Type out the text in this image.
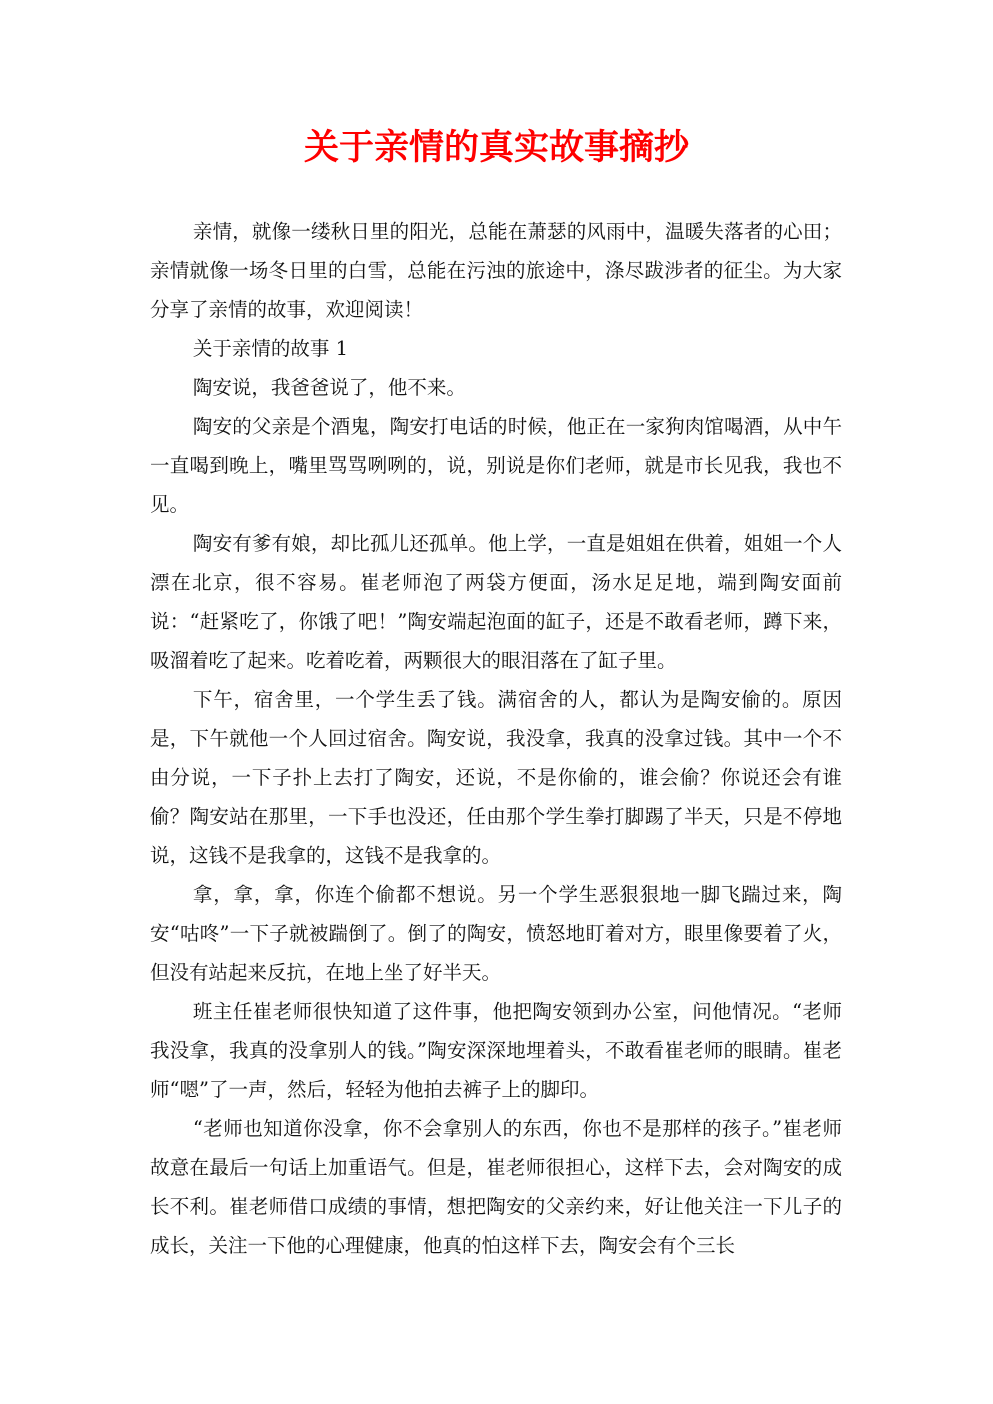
关于亲情的真实故事摘抄

亲情，就像一缕秋日里的阳光，总能在萧瑟的风雨中，温暖失落者的心田；亲情就像一场冬日里的白雪，总能在污浊的旅途中，涤尽跋涉者的征尘。为大家分享了亲情的故事，欢迎阅读！

关于亲情的故事 1

陶安说，我爸爸说了，他不来。

陶安的父亲是个酒鬼，陶安打电话的时候，他正在一家狗肉馆喝酒，从中午一直喝到晚上，嘴里骂骂咧咧的，说，别说是你们老师，就是市长见我，我也不见。

陶安有爹有娘，却比孤儿还孤单。他上学，一直是姐姐在供着，姐姐一个人漂在北京，很不容易。崔老师泡了两袋方便面，汤水足足地，端到陶安面前说：“赶紧吃了，你饿了吧！”陶安端起泡面的缸子，还是不敢看老师，蹲下来，吸溜着吃了起来。吃着吃着，两颗很大的眼泪落在了缸子里。

下午，宿舍里，一个学生丢了钱。满宿舍的人，都认为是陶安偷的。原因是，下午就他一个人回过宿舍。陶安说，我没拿，我真的没拿过钱。其中一个不由分说，一下子扑上去打了陶安，还说，不是你偷的，谁会偷？你说还会有谁偷？陶安站在那里，一下手也没还，任由那个学生拳打脚踢了半天，只是不停地说，这钱不是我拿的，这钱不是我拿的。

拿，拿，拿，你连个偷都不想说。另一个学生恶狠狠地一脚飞踹过来，陶安“咕咚”一下子就被踹倒了。倒了的陶安，愤怒地盯着对方，眼里像要着了火，但没有站起来反抗，在地上坐了好半天。

班主任崔老师很快知道了这件事，他把陶安领到办公室，问他情况。“老师我没拿，我真的没拿别人的钱。”陶安深深地埋着头，不敢看崔老师的眼睛。崔老师“嗯”了一声，然后，轻轻为他拍去裤子上的脚印。

“老师也知道你没拿，你不会拿别人的东西，你也不是那样的孩子。”崔老师故意在最后一句话上加重语气。但是，崔老师很担心，这样下去，会对陶安的成长不利。崔老师借口成绩的事情，想把陶安的父亲约来，好让他关注一下儿子的成长，关注一下他的心理健康，他真的怕这样下去，陶安会有个三长
